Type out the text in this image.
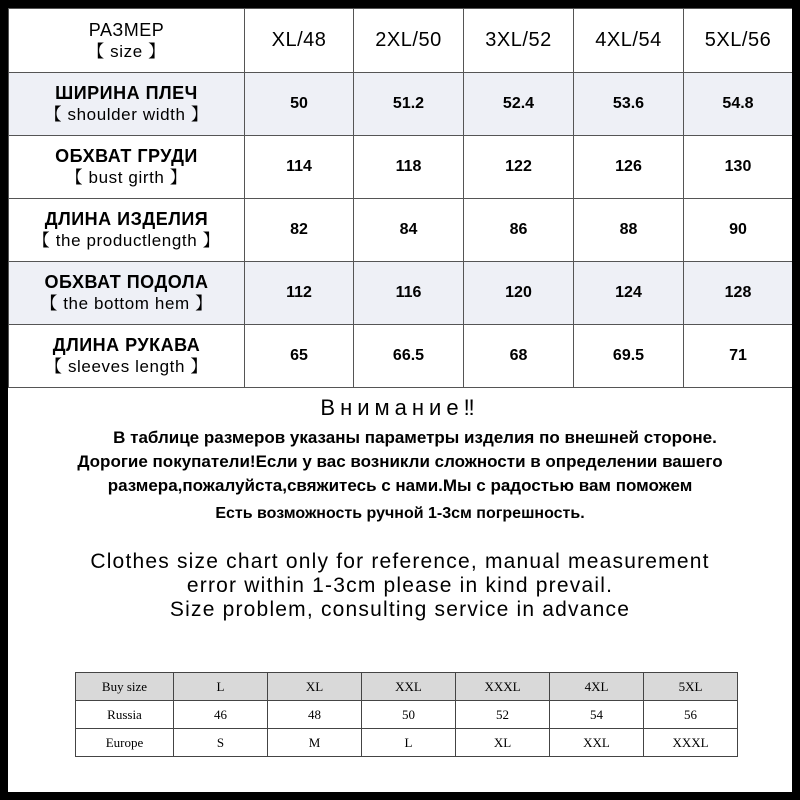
РАЗМЕР
【 size 】	XL/48	2XL/50	3XL/52	4XL/54	5XL/56

ШИРИНА ПЛЕЧ
【 shoulder width 】	50	51.2	52.4	53.6	54.8

ОБХВАТ ГРУДИ
【 bust girth 】	114	118	122	126	130

ДЛИНА ИЗДЕЛИЯ
【 the productlength 】	82	84	86	88	90

ОБХВАТ ПОДОЛА
【 the bottom hem 】	112	116	120	124	128

ДЛИНА РУКАВА
【 sleeves length 】	65	66.5	68	69.5	71
Внимание‼
В таблице размеров указаны параметры изделия по внешней стороне.
Дорогие покупатели!Если у вас возникли сложности в определении вашего
размера,пожалуйста,свяжитесь с нами.Мы с радостью вам поможем
Есть возможность ручной 1-3см погрешность.
Clothes size chart only for reference, manual measurement
error within 1-3cm please in kind prevail.
Size problem, consulting service in advance
Buy size	L	XL	XXL	XXXL	4XL	5XL
Russia	46	48	50	52	54	56
Europe	S	M	L	XL	XXL	XXXL
